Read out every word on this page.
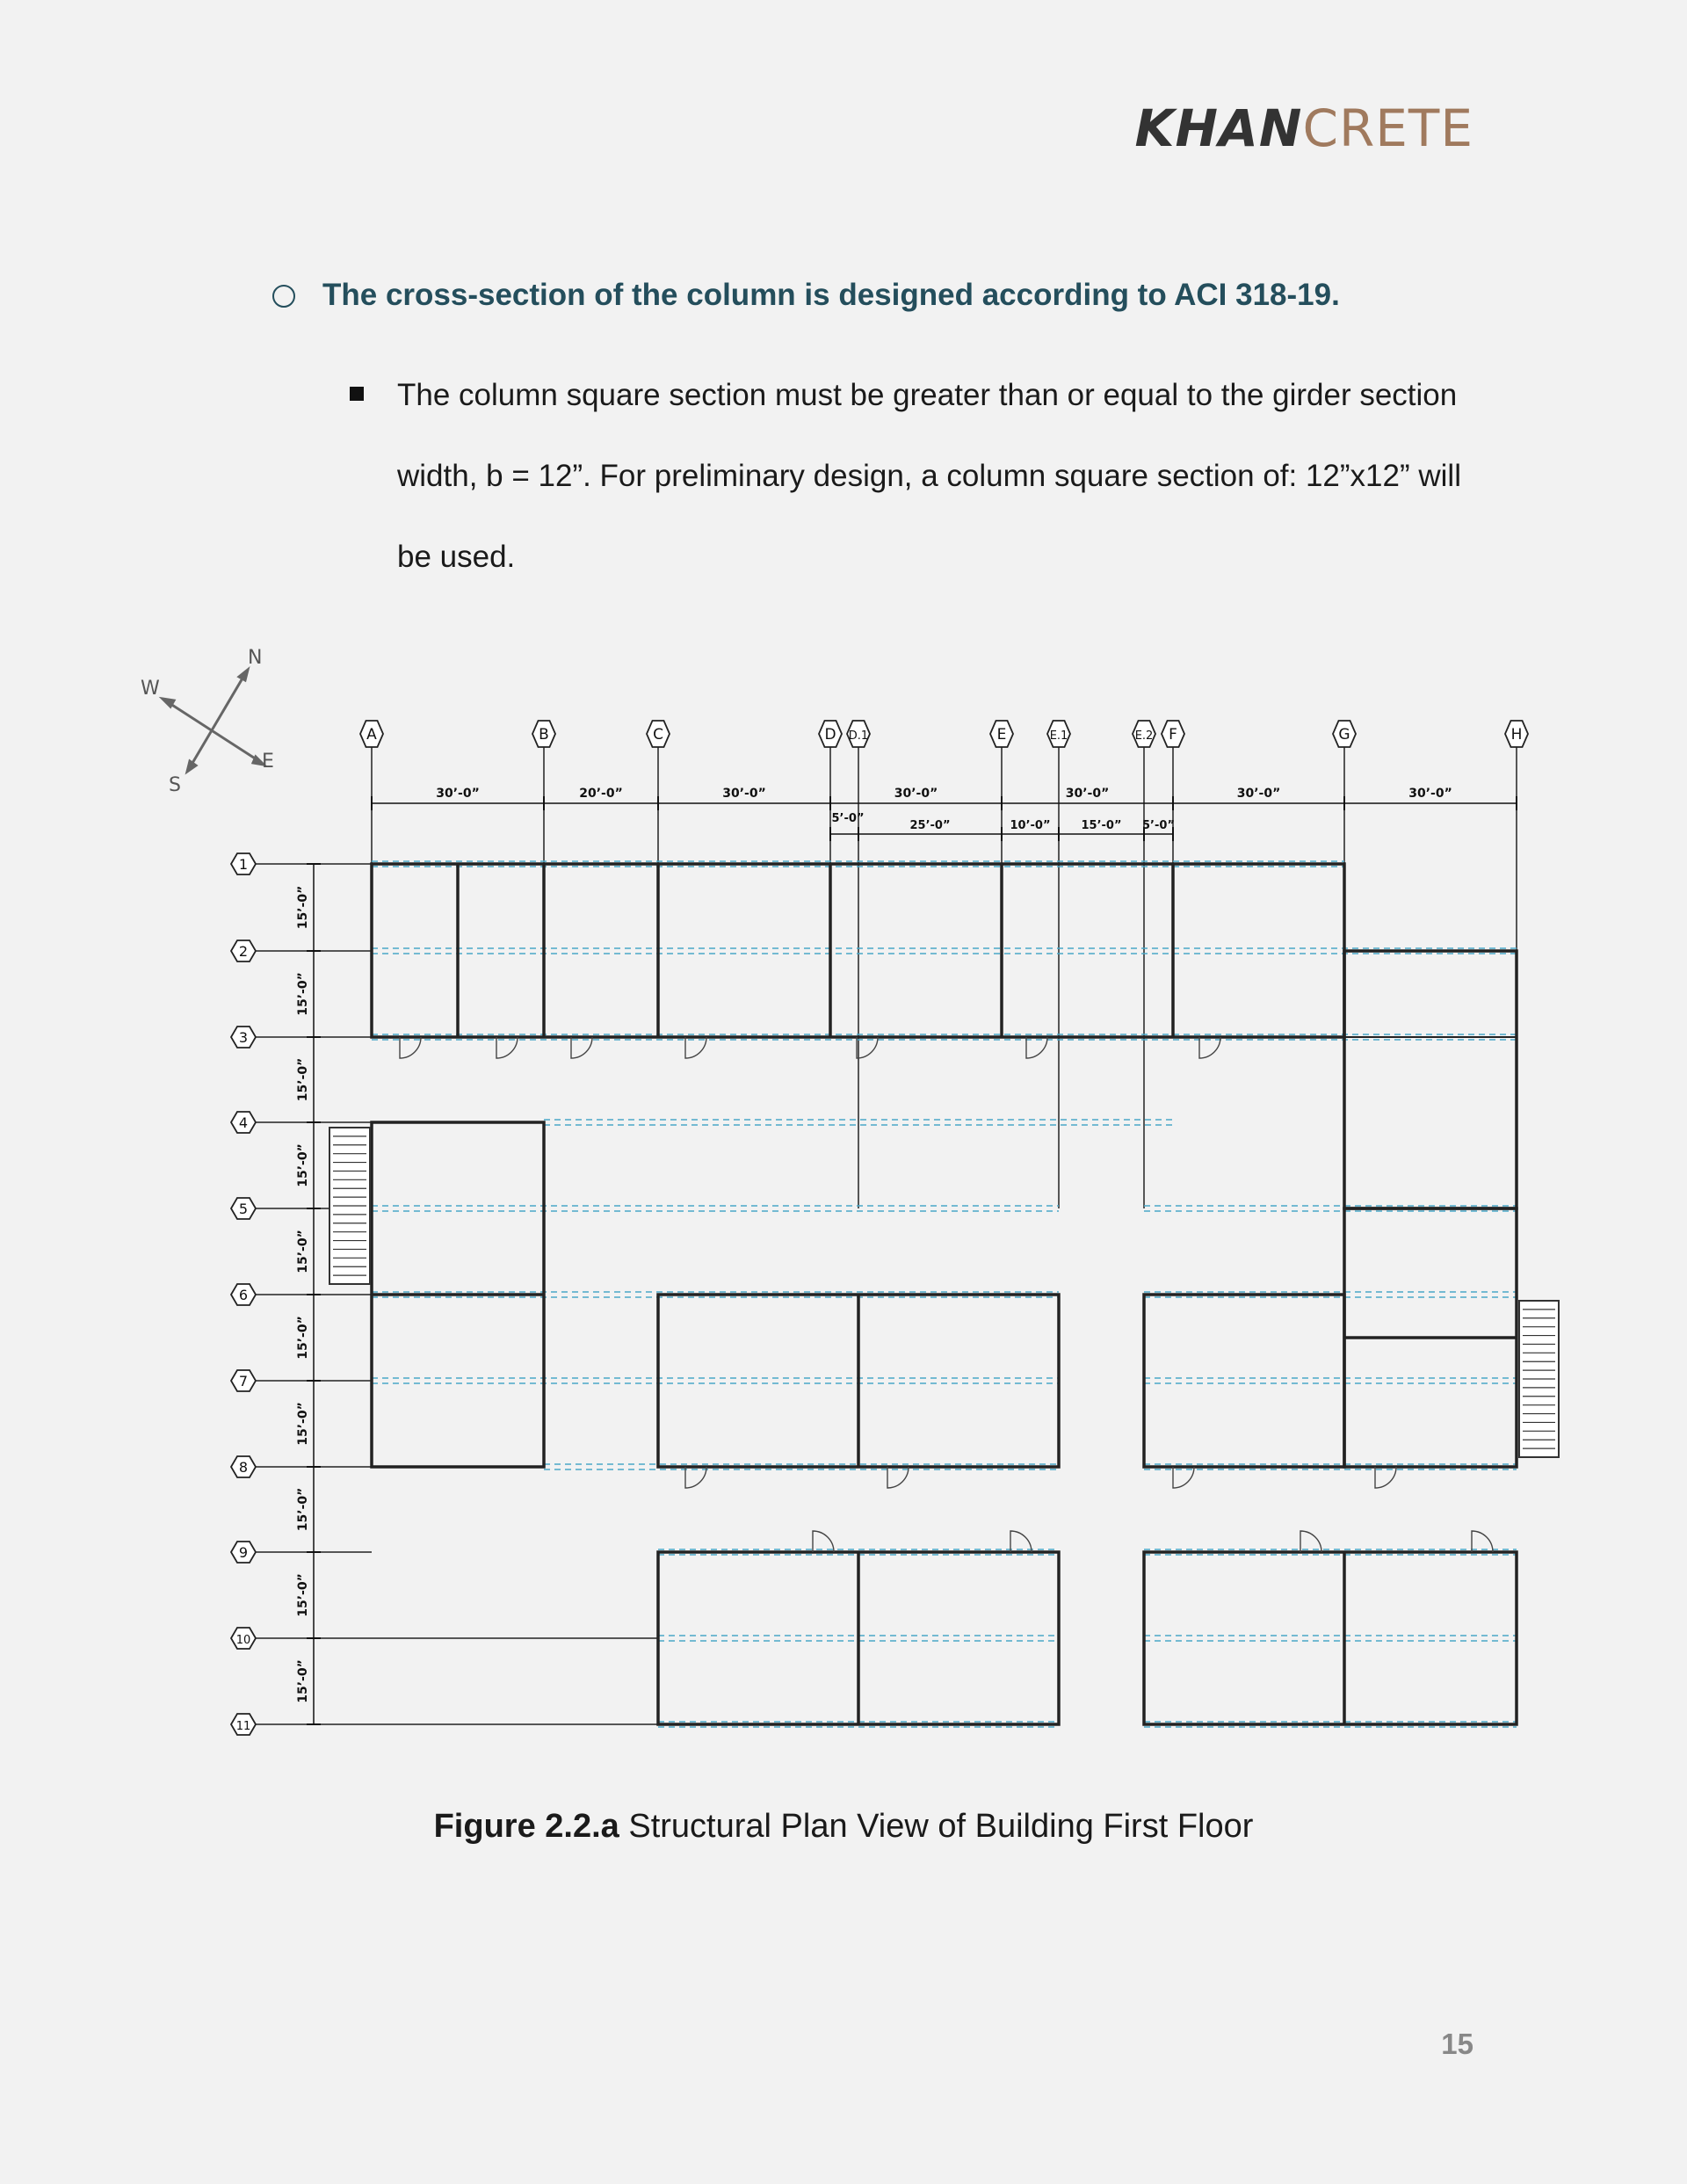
KHANCRETE
The cross-section of the column is designed according to ACI 318-19.
The column square section must be greater than or equal to the girder section width, b = 12”. For preliminary design, a column square section of: 12”x12” will be used.
N
E
S
W
A	B	C	D D.1	E	E.1	E.2 F	G	H
30’-0”	20’-0”	30’-0”	30’-0”	30’-0”	30’-0”	30’-0”
5’-0”
25’-0”	10’-0”	15’-0” 5’-0”
1
2
3
4
5
6
7
8
9
10
11
15’-0”
15’-0”
15’-0”
15’-0”
15’-0”
15’-0”
15’-0”
15’-0”
15’-0”
15’-0”
Figure 2.2.a Structural Plan View of Building First Floor
15
